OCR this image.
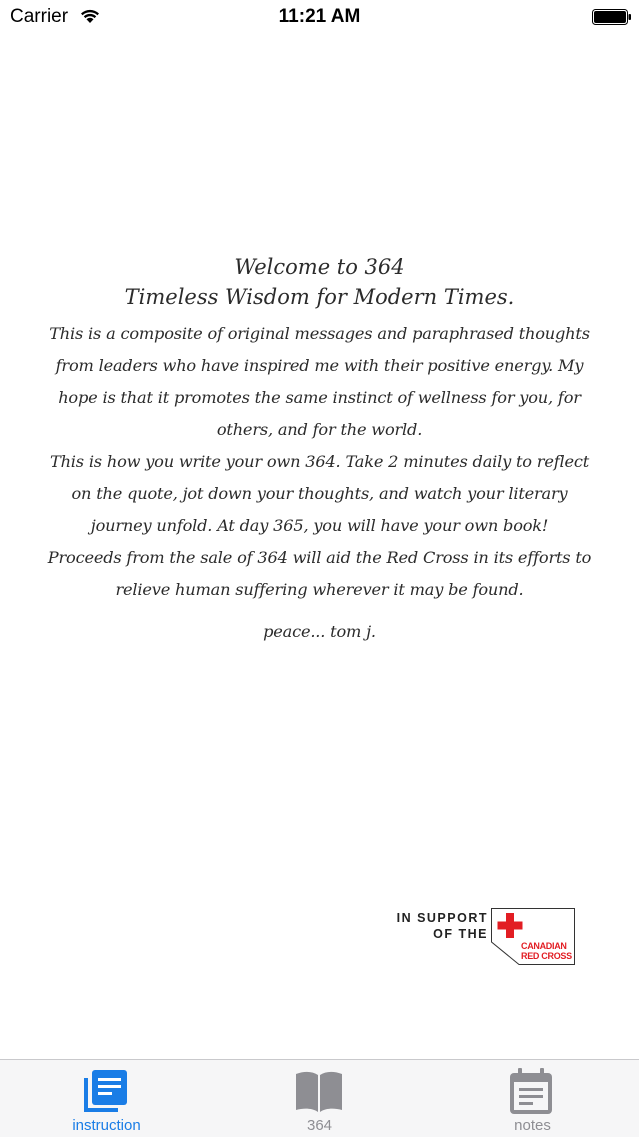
Carrier	11:21 AM

Welcome to 364

Timeless Wisdom for Modern Times.

This is a composite of original messages and paraphrased thoughts from leaders who have inspired me with their positive energy. My hope is that it promotes the same instinct of wellness for you, for others, and for the world.

This is how you write your own 364. Take 2 minutes daily to reflect on the quote, jot down your thoughts, and watch your literary journey unfold. At day 365, you will have your own book!

Proceeds from the sale of 364 will aid the Red Cross in its efforts to relieve human suffering wherever it may be found.

peace... tom j.

IN SUPPORT
OF THE
CANADIAN
RED CROSS
instruction	364	notes
